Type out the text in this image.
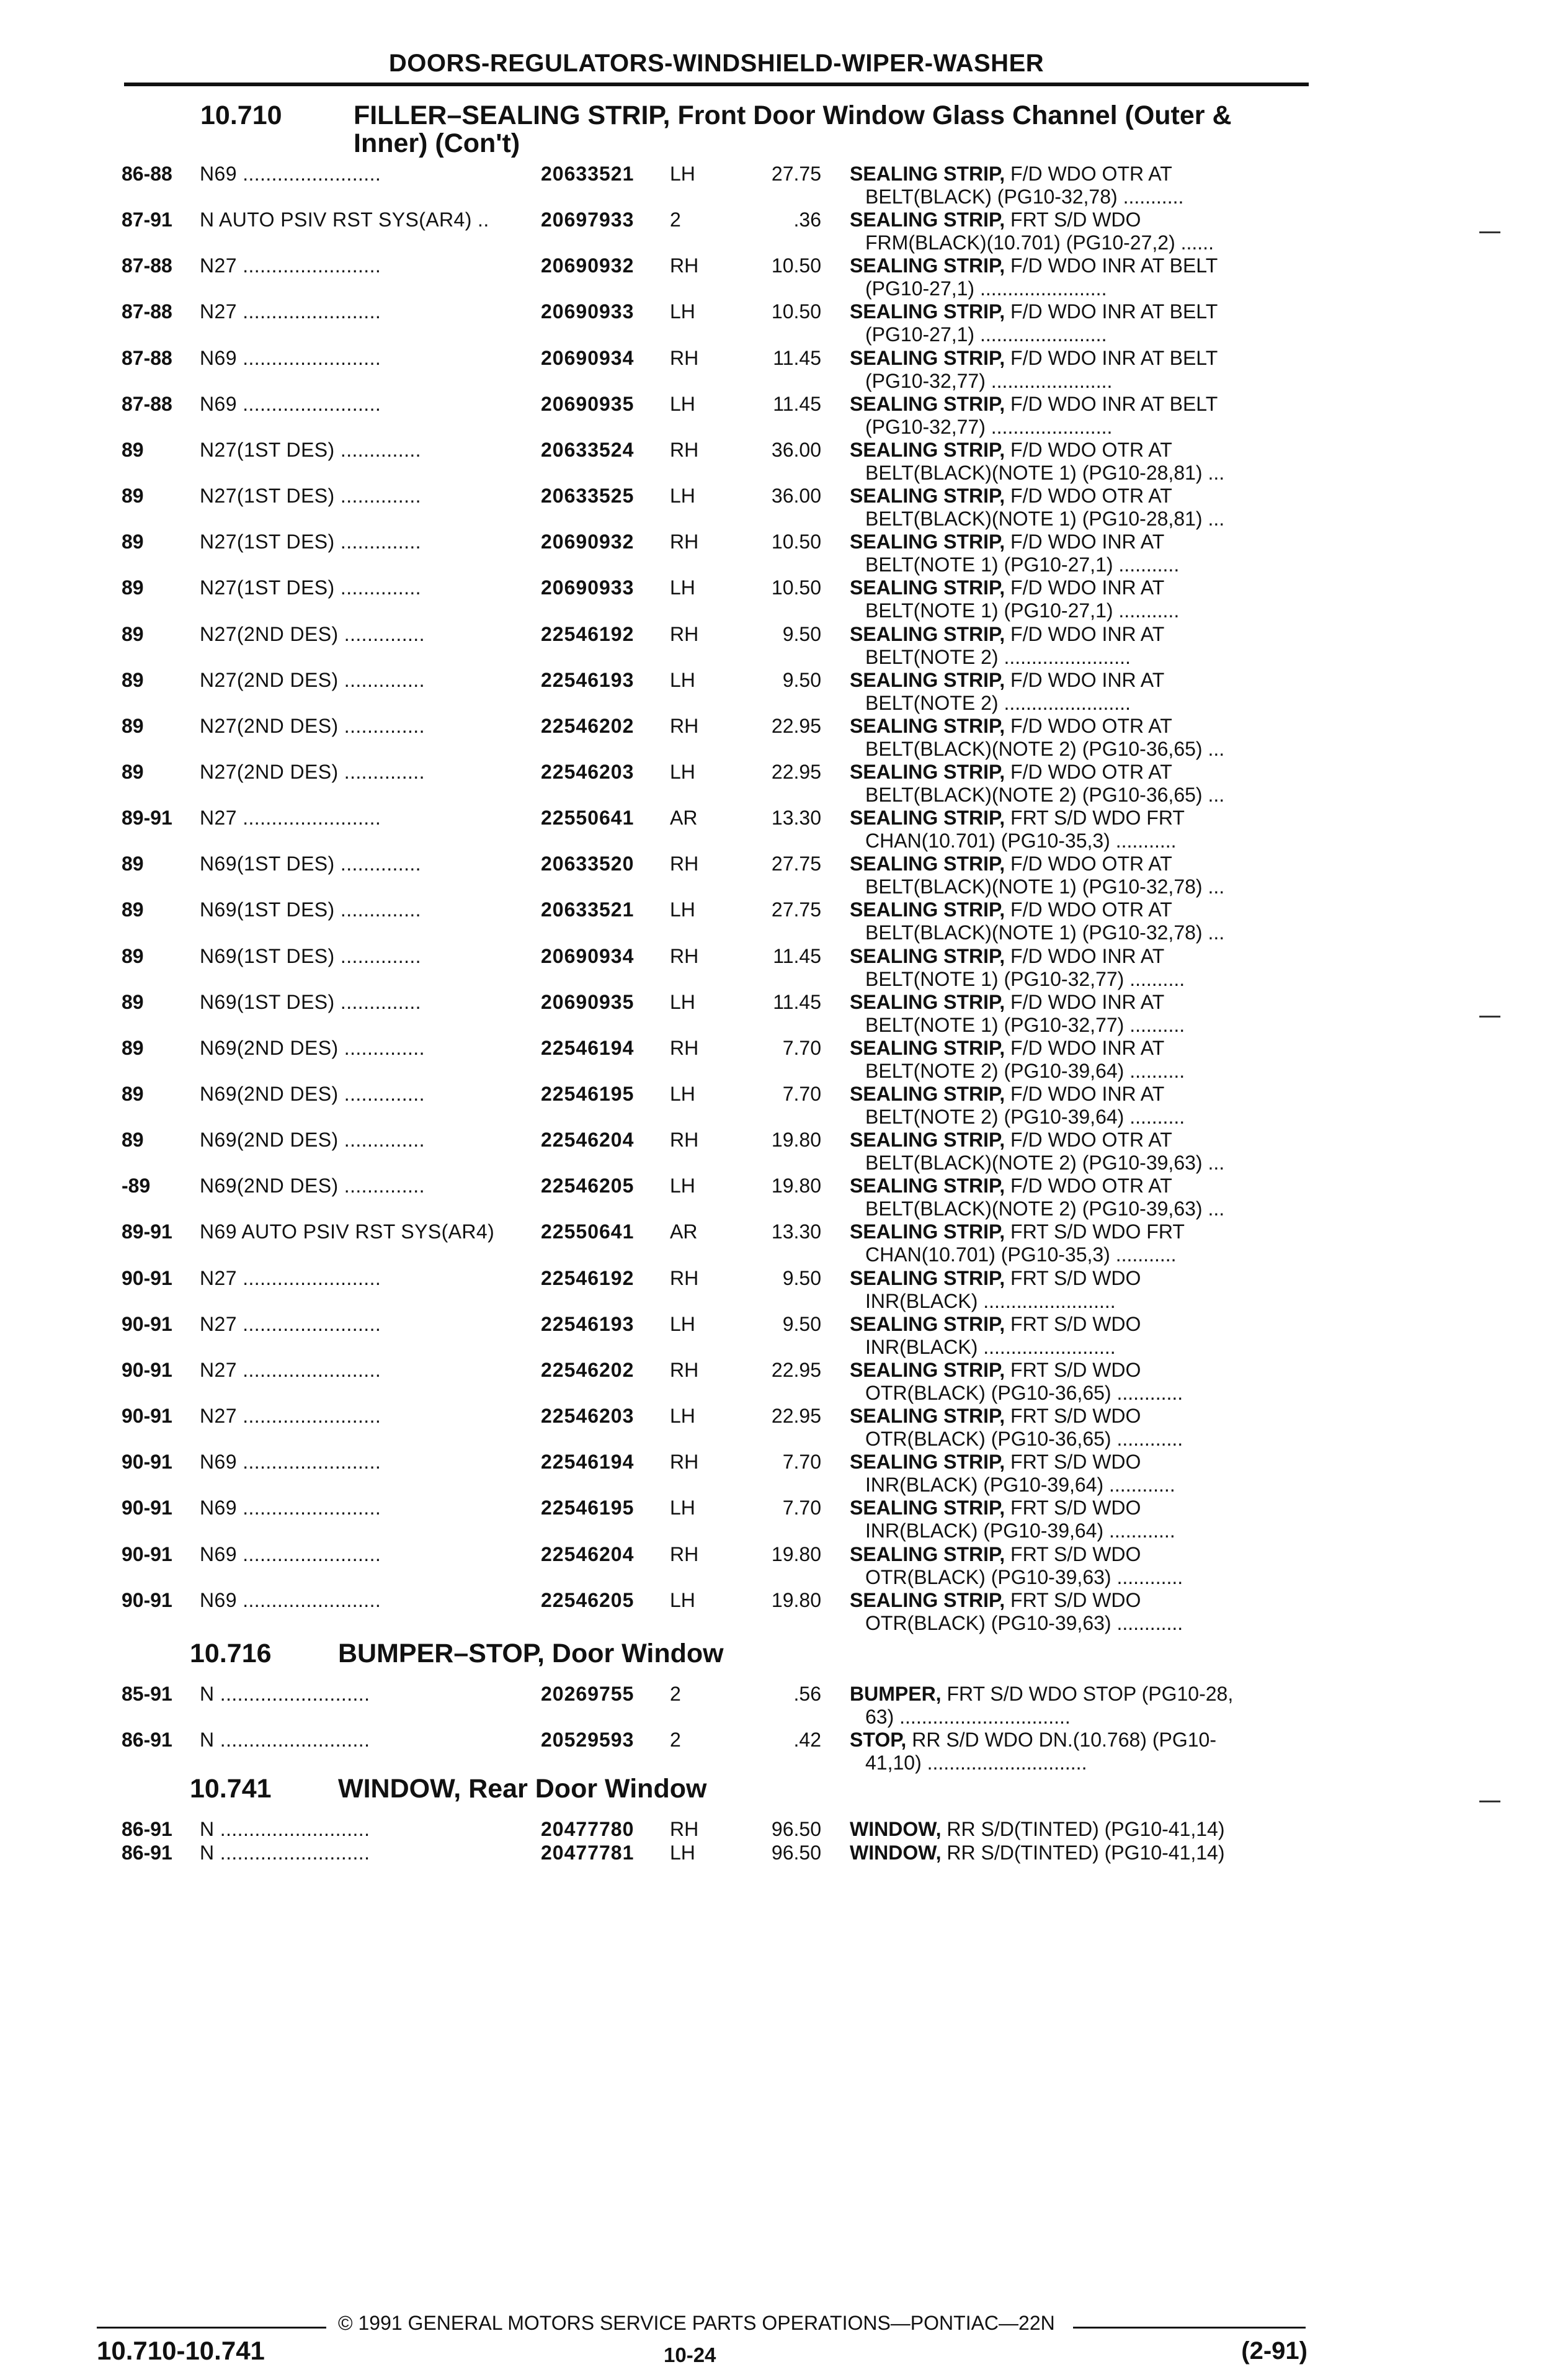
DOORS-REGULATORS-WINDSHIELD-WIPER-WASHER
10.710	FILLER–SEALING STRIP, Front Door Window Glass Channel (Outer &
Inner) (Con't)
86-88 N69 ........................	20633521 LH	27.75 SEALING STRIP, F/D WDO OTR AT
BELT(BLACK) (PG10-32,78) ...........
87-91 N AUTO PSIV RST SYS(AR4) ..	20697933 2	.36 SEALING STRIP, FRT S/D WDO
FRM(BLACK)(10.701) (PG10-27,2) ......
87-88 N27 ........................	20690932 RH	10.50 SEALING STRIP, F/D WDO INR AT BELT
(PG10-27,1) .......................
87-88 N27 ........................	20690933 LH	10.50 SEALING STRIP, F/D WDO INR AT BELT
(PG10-27,1) .......................
87-88 N69 ........................	20690934 RH	11.45 SEALING STRIP, F/D WDO INR AT BELT
(PG10-32,77) ......................
87-88 N69 ........................	20690935 LH	11.45 SEALING STRIP, F/D WDO INR AT BELT
(PG10-32,77) ......................
89	N27(1ST DES) ..............	20633524 RH	36.00 SEALING STRIP, F/D WDO OTR AT
BELT(BLACK)(NOTE 1) (PG10-28,81) ...
89	N27(1ST DES) ..............	20633525 LH	36.00 SEALING STRIP, F/D WDO OTR AT
BELT(BLACK)(NOTE 1) (PG10-28,81) ...
89	N27(1ST DES) ..............	20690932 RH	10.50 SEALING STRIP, F/D WDO INR AT
BELT(NOTE 1) (PG10-27,1) ...........
89	N27(1ST DES) ..............	20690933 LH	10.50 SEALING STRIP, F/D WDO INR AT
BELT(NOTE 1) (PG10-27,1) ...........
89	N27(2ND DES) ..............	22546192 RH	9.50 SEALING STRIP, F/D WDO INR AT
BELT(NOTE 2) .......................
89	N27(2ND DES) ..............	22546193 LH	9.50 SEALING STRIP, F/D WDO INR AT
BELT(NOTE 2) .......................
89	N27(2ND DES) ..............	22546202 RH	22.95 SEALING STRIP, F/D WDO OTR AT
BELT(BLACK)(NOTE 2) (PG10-36,65) ...
89	N27(2ND DES) ..............	22546203 LH	22.95 SEALING STRIP, F/D WDO OTR AT
BELT(BLACK)(NOTE 2) (PG10-36,65) ...
89-91 N27 ........................	22550641 AR	13.30 SEALING STRIP, FRT S/D WDO FRT
CHAN(10.701) (PG10-35,3) ...........
89	N69(1ST DES) ..............	20633520 RH	27.75 SEALING STRIP, F/D WDO OTR AT
BELT(BLACK)(NOTE 1) (PG10-32,78) ...
89	N69(1ST DES) ..............	20633521 LH	27.75 SEALING STRIP, F/D WDO OTR AT
BELT(BLACK)(NOTE 1) (PG10-32,78) ...
89	N69(1ST DES) ..............	20690934 RH	11.45 SEALING STRIP, F/D WDO INR AT
BELT(NOTE 1) (PG10-32,77) ..........
89	N69(1ST DES) ..............	20690935 LH	11.45 SEALING STRIP, F/D WDO INR AT
BELT(NOTE 1) (PG10-32,77) ..........
89	N69(2ND DES) ..............	22546194 RH	7.70 SEALING STRIP, F/D WDO INR AT
BELT(NOTE 2) (PG10-39,64) ..........
89	N69(2ND DES) ..............	22546195 LH	7.70 SEALING STRIP, F/D WDO INR AT
BELT(NOTE 2) (PG10-39,64) ..........
89	N69(2ND DES) ..............	22546204 RH	19.80 SEALING STRIP, F/D WDO OTR AT
BELT(BLACK)(NOTE 2) (PG10-39,63) ...
-89 N69(2ND DES) ..............	22546205 LH	19.80 SEALING STRIP, F/D WDO OTR AT
BELT(BLACK)(NOTE 2) (PG10-39,63) ...
89-91 N69 AUTO PSIV RST SYS(AR4)	22550641 AR	13.30 SEALING STRIP, FRT S/D WDO FRT
CHAN(10.701) (PG10-35,3) ...........
90-91 N27 ........................	22546192 RH	9.50 SEALING STRIP, FRT S/D WDO
INR(BLACK) ........................
90-91 N27 ........................	22546193 LH	9.50 SEALING STRIP, FRT S/D WDO
INR(BLACK) ........................
90-91 N27 ........................	22546202 RH	22.95 SEALING STRIP, FRT S/D WDO
OTR(BLACK) (PG10-36,65) ............
90-91 N27 ........................	22546203 LH	22.95 SEALING STRIP, FRT S/D WDO
OTR(BLACK) (PG10-36,65) ............
90-91 N69 ........................	22546194 RH	7.70 SEALING STRIP, FRT S/D WDO
INR(BLACK) (PG10-39,64) ............
90-91 N69 ........................	22546195 LH	7.70 SEALING STRIP, FRT S/D WDO
INR(BLACK) (PG10-39,64) ............
90-91 N69 ........................	22546204 RH	19.80 SEALING STRIP, FRT S/D WDO
OTR(BLACK) (PG10-39,63) ............
90-91 N69 ........................	22546205 LH	19.80 SEALING STRIP, FRT S/D WDO
OTR(BLACK) (PG10-39,63) ............
10.716 BUMPER–STOP, Door Window
85-91 N ..........................	20269755 2	.56 BUMPER, FRT S/D WDO STOP (PG10-28,
63) ...............................
86-91 N ..........................	20529593 2	.42 STOP, RR S/D WDO DN.(10.768) (PG10-
41,10) .............................
10.741 WINDOW, Rear Door Window
86-91 N ..........................	20477780 RH	96.50 WINDOW, RR S/D(TINTED) (PG10-41,14)
86-91 N ..........................	20477781 LH	96.50 WINDOW, RR S/D(TINTED) (PG10-41,14)
© 1991 GENERAL MOTORS SERVICE PARTS OPERATIONS—PONTIAC—22N
10.710-10.741	10-24	(2-91)
